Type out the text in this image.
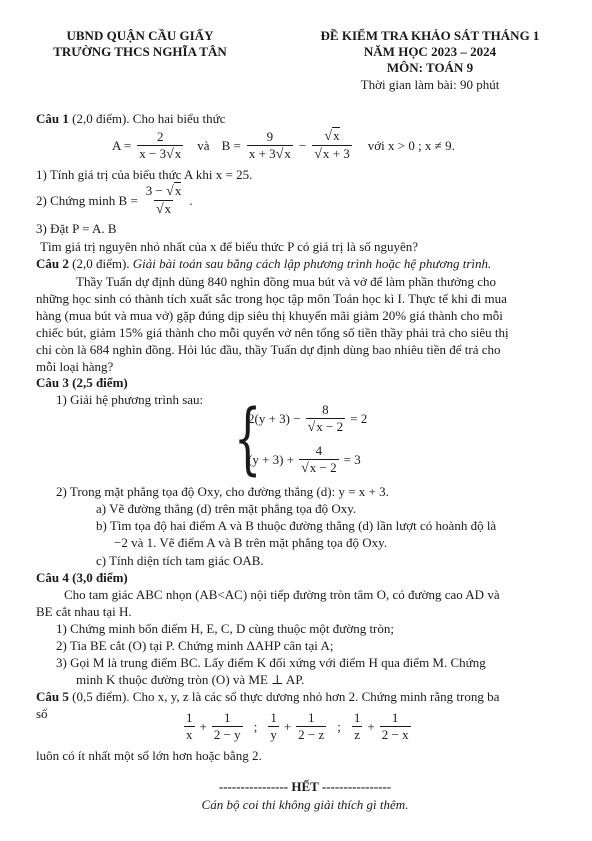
UBND QUẬN CẦU GIẤY
TRƯỜNG THCS NGHĨA TÂN
ĐỀ KIỂM TRA KHẢO SÁT THÁNG 1
NĂM HỌC 2023 – 2024
MÔN: TOÁN 9
Thời gian làm bài: 90 phút
Câu 1 (2,0 điểm). Cho hai biểu thức
$A = \frac{2}{x - 3√x}$ và $B = \frac{9}{x + 3√x} - \frac{√x}{√x + 3}$ với x > 0 ; x ≠ 9.
1) Tính giá trị của biểu thức A khi x = 25.
2) Chứng minh $B = \frac{3 - √x}{√x}$ .
3) Đặt P = A. B
Tìm giá trị nguyên nhỏ nhất của x để biểu thức P có giá trị là số nguyên?
Câu 2 (2,0 điểm). Giải bài toán sau bằng cách lập phương trình hoặc hệ phương trình.
Thầy Tuấn dự định dùng 840 nghìn đồng mua bút và vở để làm phần thưởng cho
những học sinh có thành tích xuất sắc trong học tập môn Toán học kì I. Thực tế khi đi mua
hàng (mua bút và mua vở) gặp đúng dịp siêu thị khuyến mãi giảm 20% giá thành cho mỗi
chiếc bút, giảm 15% giá thành cho mỗi quyển vở nên tổng số tiền thầy phải trả cho siêu thị
chỉ còn là 684 nghìn đồng. Hỏi lúc đầu, thầy Tuấn dự định dùng bao nhiêu tiền để trả cho
mỗi loại hàng?
Câu 3 (2,5 điểm)
1) Giải hệ phương trình sau: {
$2(y + 3) - \frac{8}{√x - 2} = 2$
$(y + 3) + \frac{4}{√x - 2} = 3$
2) Trong mặt phẳng tọa độ Oxy, cho đường thẳng (d): y = x + 3.
a) Vẽ đường thẳng (d) trên mặt phẳng tọa độ Oxy.
b) Tìm tọa độ hai điểm A và B thuộc đường thẳng (d) lần lượt có hoành độ là
−2 và 1. Vẽ điểm A và B trên mặt phẳng tọa độ Oxy.
c) Tính diện tích tam giác OAB.
Câu 4 (3,0 điểm)
Cho tam giác ABC nhọn (AB<AC) nội tiếp đường tròn tâm O, có đường cao AD và
BE cắt nhau tại H.
1) Chứng minh bốn điểm H, E, C, D cùng thuộc một đường tròn;
2) Tia BE cắt (O) tại P. Chứng minh ΔAHP cân tại A;
3) Gọi M là trung điểm BC. Lấy điểm K đối xứng với điểm H qua điểm M. Chứng
minh K thuộc đường tròn (O) và ME ⊥ AP.
Câu 5 (0,5 điểm). Cho x, y, z là các số thực dương nhỏ hơn 2. Chứng minh rằng trong ba
số	$\frac{1}{x} + \frac{1}{2 - y}$ ; $\frac{1}{y} + \frac{1}{2 - z}$ ; $\frac{1}{z} + \frac{1}{2 - x}$
luôn có ít nhất một số lớn hơn hoặc bằng 2.
---------------- HẾT ----------------
Cán bộ coi thi không giải thích gì thêm.
